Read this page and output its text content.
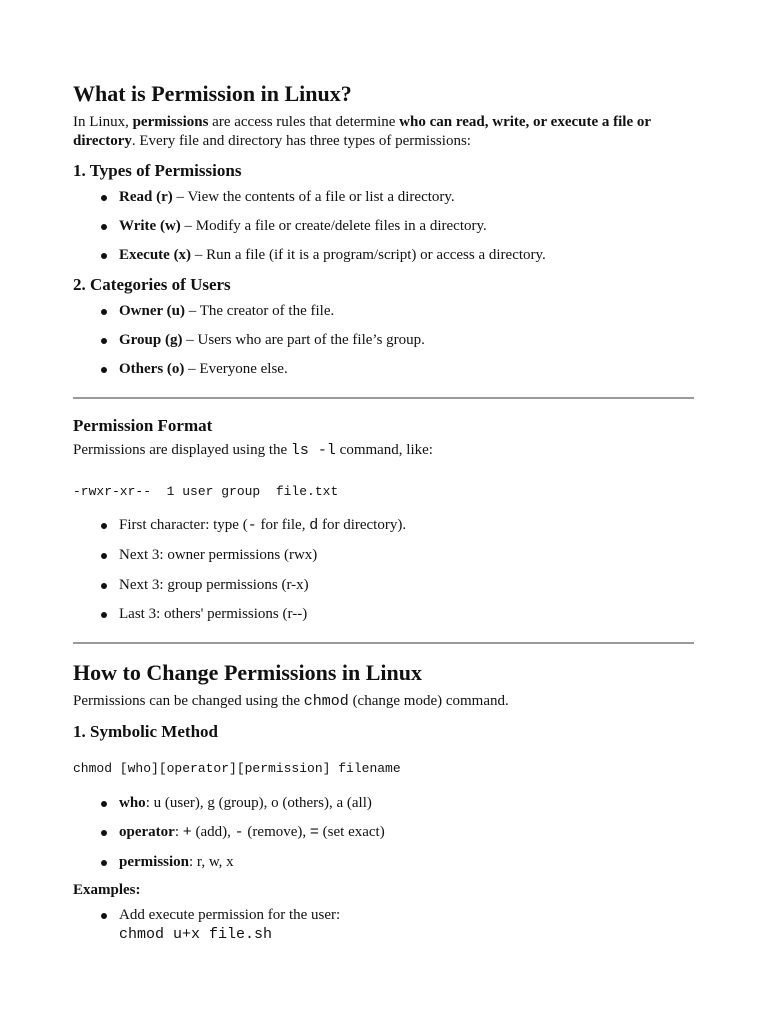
What is Permission in Linux?
In Linux, permissions are access rules that determine who can read, write, or execute a file or
directory. Every file and directory has three types of permissions:
1. Types of Permissions
Read (r) – View the contents of a file or list a directory.
Write (w) – Modify a file or create/delete files in a directory.
Execute (x) – Run a file (if it is a program/script) or access a directory.
2. Categories of Users
Owner (u) – The creator of the file.
Group (g) – Users who are part of the file’s group.
Others (o) – Everyone else.
Permission Format
Permissions are displayed using the ls -l command, like:
-rwxr-xr--  1 user group  file.txt
First character: type (- for file, d for directory).
Next 3: owner permissions (rwx)
Next 3: group permissions (r-x)
Last 3: others' permissions (r--)
How to Change Permissions in Linux
Permissions can be changed using the chmod (change mode) command.
1. Symbolic Method
chmod [who][operator][permission] filename
who: u (user), g (group), o (others), a (all)
operator: + (add), - (remove), = (set exact)
permission: r, w, x
Examples:
Add execute permission for the user:
chmod u+x file.sh
